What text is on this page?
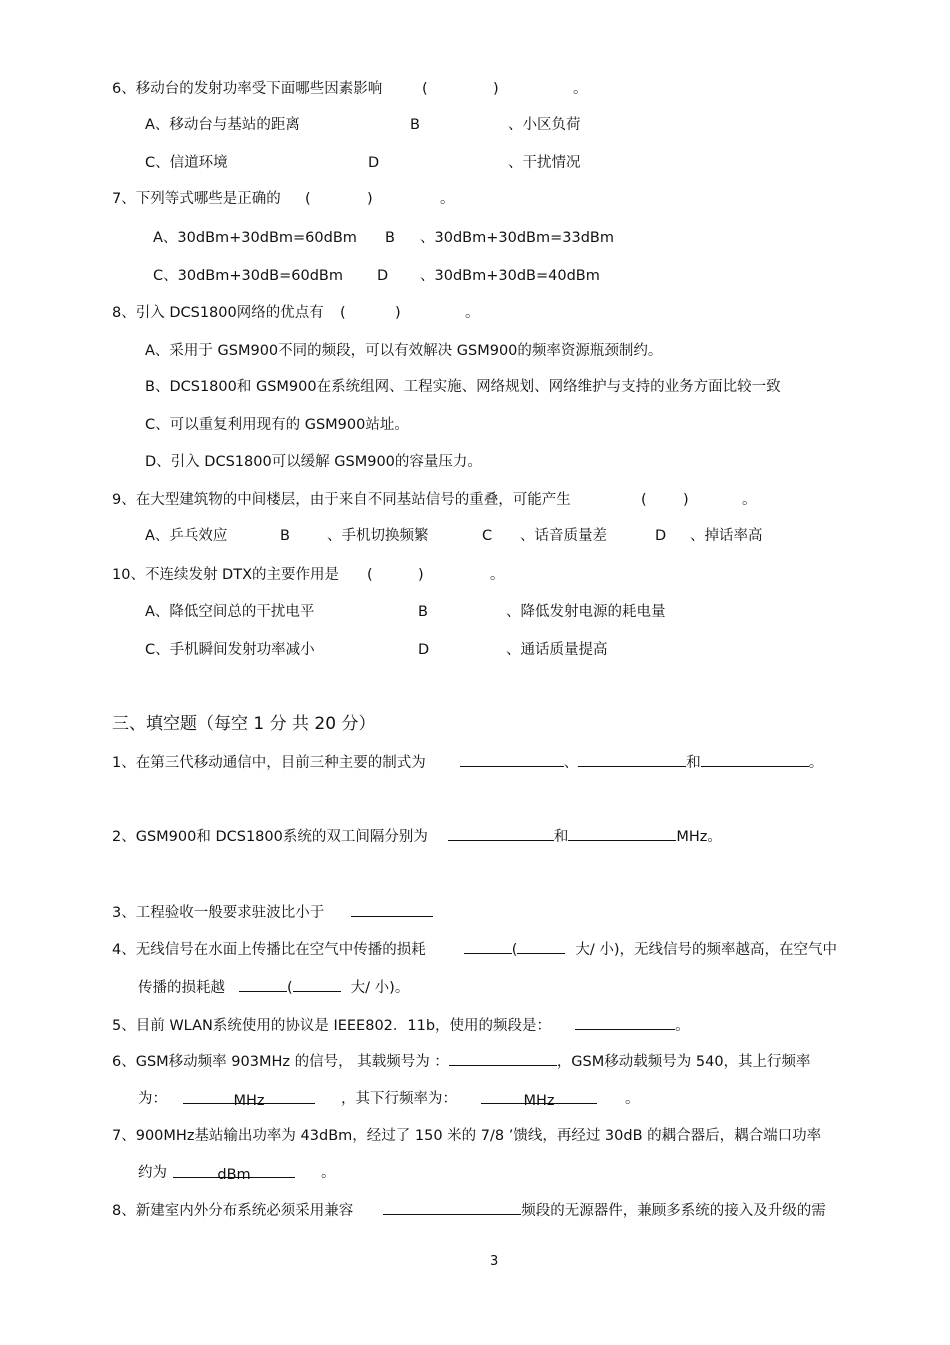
6、移动台的发射功率受下面哪些因素影响	(	)	。
A、移动台与基站的距离	B	、小区负荷
C、信道环境	D	、干扰情况
7、下列等式哪些是正确的 (	)	。
A、30dBm+30dBm=60dBm B 、30dBm+30dBm=33dBm
C、30dBm+30dB=60dBm D 、30dBm+30dB=40dBm
8、引入 DCS1800网络的优点有 (	)	。
A、采用于 GSM900不同的频段，可以有效解决 GSM900的频率资源瓶颈制约。
B、DCS1800和 GSM900在系统组网、工程实施、网络规划、网络维护与支持的业务方面比较一致
C、可以重复利用现有的 GSM900站址。
D、引入 DCS1800可以缓解 GSM900的容量压力。
9、在大型建筑物的中间楼层，由于来自不同基站信号的重叠，可能产生	(	)	。
A、乒乓效应	B	、手机切换频繁	C 、话音质量差	D 、掉话率高
10、不连续发射 DTX的主要作用是 (	)	。
A、降低空间总的干扰电平	B	、降低发射电源的耗电量
C、手机瞬间发射功率减小	D	、通话质量提高
三、填空题（每空 1 分 共 20 分）
1、在第三代移动通信中，目前三种主要的制式为	、	和	。
2、GSM900和 DCS1800系统的双工间隔分别为	和	MHz。
3、工程验收一般要求驻波比小于
4、无线信号在水面上传播比在空气中传播的损耗	(	大/ 小)，无线信号的频率越高，在空气中
传播的损耗越	(	大/ 小)。
5、目前 WLAN系统使用的协议是 IEEE802．11b，使用的频段是：	。
6、GSM移动频率 903MHz 的信号， 其载频号为 ：	，GSM移动载频号为 540，其上行频率
为：	MHz	，其下行频率为：	MHz	。
7、900MHz基站输出功率为 43dBm，经过了 150 米的 7/8 ’馈线，再经过 30dB 的耦合器后，耦合端口功率
约为	dBm	。
8、新建室内外分布系统必须采用兼容	频段的无源器件，兼顾多系统的接入及升级的需
3
